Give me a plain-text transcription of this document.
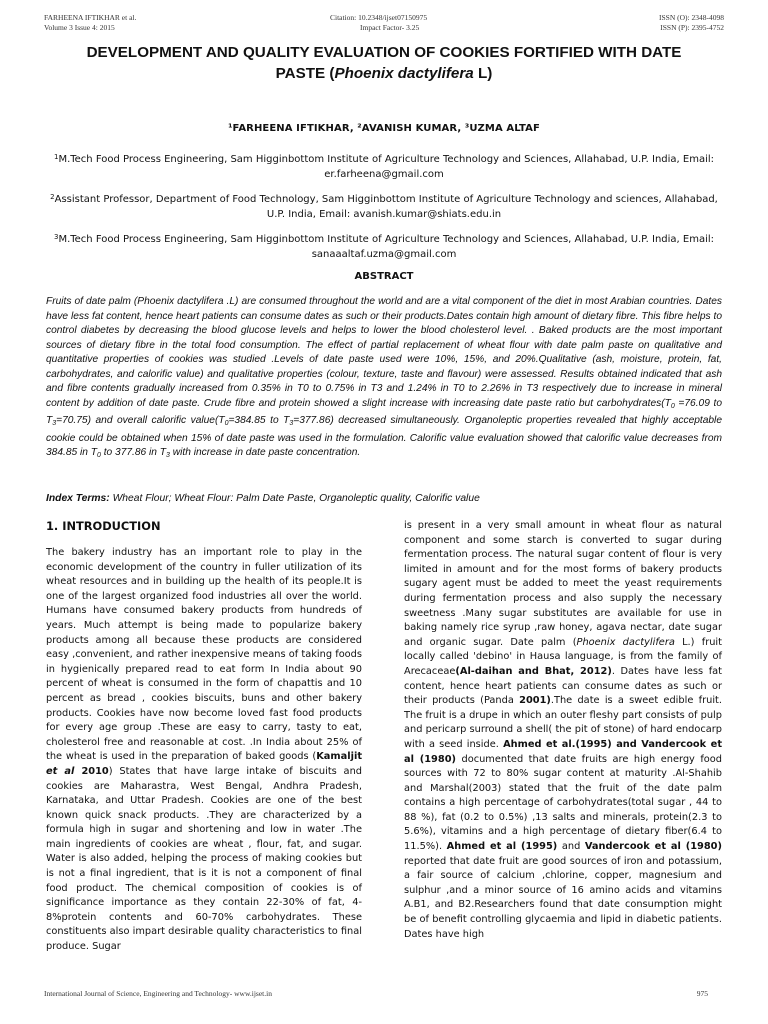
FARHEENA IFTIKHAR et al.
Volume 3 Issue 4: 2015
Citation: 10.2348/ijset07150975
Impact Factor- 3.25
ISSN (O): 2348-4098
ISSN (P): 2395-4752
DEVELOPMENT AND QUALITY EVALUATION OF COOKIES FORTIFIED WITH DATE
PASTE (Phoenix dactylifera L)
¹FARHEENA IFTIKHAR, ²AVANISH KUMAR, ³UZMA ALTAF
$^1$M.Tech Food Process Engineering, Sam Higginbottom Institute of Agriculture Technology and Sciences, Allahabad, U.P. India, Email: er.farheena@gmail.com
$^2$Assistant Professor, Department of Food Technology, Sam Higginbottom Institute of Agriculture Technology and sciences, Allahabad, U.P. India, Email: avanish.kumar@shiats.edu.in
$^3$M.Tech Food Process Engineering, Sam Higginbottom Institute of Agriculture Technology and Sciences, Allahabad, U.P. India, Email: sanaaaltaf.uzma@gmail.com
ABSTRACT
Fruits of date palm (Phoenix dactylifera .L) are consumed throughout the world and are a vital component of the diet in most Arabian countries. Dates have less fat content, hence heart patients can consume dates as such or their products.Dates contain high amount of dietary fibre. This fibre helps to control diabetes by decreasing the blood glucose levels and helps to lower the blood cholesterol level. . Baked products are the most important sources of dietary fibre in the total food consumption. The effect of partial replacement of wheat flour with date palm paste on qualitative and quantitative properties of cookies was studied .Levels of date paste used were 10%, 15%, and 20%.Qualitative (ash, moisture, protein, fat, carbohydrates, and calorific value) and qualitative properties (colour, texture, taste and flavour) were assessed. Results obtained indicated that ash and fibre contents gradually increased from 0.35% in T0 to 0.75% in T3 and 1.24% in T0 to 2.26% in T3 respectively due to increase in mineral content by addition of date paste. Crude fibre and protein showed a slight increase with increasing date paste ratio but $carbohydrates(T_0 =76.09$ to $T_3=70.75$) and overall calorific $value(T_0=384.85$ to $T_3=377.86$) decreased simultaneously. Organoleptic properties revealed that highly acceptable cookie could be obtained when 15% of date paste was used in the formulation. Calorific value evaluation showed that calorific value decreases from 384.85 in $T_0$ to 377.86 in $T_3$ with increase in date paste concentration.
Index Terms: Wheat Flour; Wheat Flour: Palm Date Paste, Organoleptic quality, Calorific value
1. INTRODUCTION

The bakery industry has an important role to play in the economic development of the country in fuller utilization of its wheat resources and in building up the health of its people.It is one of the largest organized food industries all over the world. Humans have consumed bakery products from hundreds of years. Much attempt is being made to popularize bakery products among all because these products are considered easy ,convenient, and rather inexpensive means of taking foods in hygienically prepared read to eat form In India about 90 percent of wheat is consumed in the form of chapattis and 10 percent as bread , cookies biscuits, buns and other bakery products. Cookies have now become loved fast food products for every age group .These are easy to carry, tasty to eat, cholesterol free and reasonable at cost. .In India about 25% of the wheat is used in the preparation of baked goods (Kamaljit et al 2010) States that have large intake of biscuits and cookies are Maharastra, West Bengal, Andhra Pradesh, Karnataka, and Uttar Pradesh. Cookies are one of the best known quick snack products. .They are characterized by a formula high in sugar and shortening and low in water .The main ingredients of cookies are wheat , flour, fat, and sugar. Water is also added, helping the process of making cookies but is not a final ingredient, that is it is not a component of final food product. The chemical composition of cookies is of significance importance as they contain 22-30% of fat, 4-8%protein contents and 60-70% carbohydrates. These constituents also impart desirable quality characteristics to final produce. Sugar

is present in a very small amount in wheat flour as natural component and some starch is converted to sugar during fermentation process. The natural sugar content of flour is very limited in amount and for the most forms of bakery products sugary agent must be added to meet the yeast requirements during fermentation process and also supply the necessary sweetness .Many sugar substitutes are available for use in baking namely rice syrup ,raw honey, agava nectar, date sugar and organic sugar. Date palm (Phoenix dactylifera L.) fruit locally called 'debino' in Hausa language, is from the family of Arecaceae(Al-daihan and Bhat, 2012). Dates have less fat content, hence heart patients can consume dates as such or their products (Panda 2001).The date is a sweet edible fruit. The fruit is a drupe in which an outer fleshy part consists of pulp and pericarp surround a shell( the pit of stone) of hard endocarp with a seed inside. Ahmed et al.(1995) and Vandercook et al (1980) documented that date fruits are high energy food sources with 72 to 80% sugar content at maturity .Al-Shahib and Marshal(2003) stated that the fruit of the date palm contains a high percentage of carbohydrates(total sugar , 44 to 88 %), fat (0.2 to 0.5%) ,13 salts and minerals, protein(2.3 to 5.6%), vitamins and a high percentage of dietary fiber(6.4 to 11.5%). Ahmed et al (1995) and Vandercook et al (1980) reported that date fruit are good sources of iron and potassium, a fair source of calcium ,chlorine, copper, magnesium and sulphur ,and a minor source of 16 amino acids and vitamins A.B1, and B2.Researchers found that date consumption might be of benefit controlling glycaemia and lipid in diabetic patients. Dates have high

International Journal of Science, Engineering and Technology- www.ijset.in	975
